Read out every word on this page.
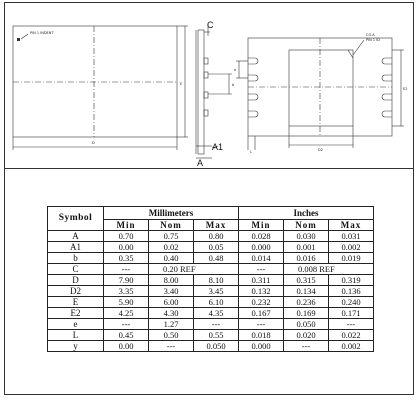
PIN 1 INDENT
D
E
C
A
A1
b
e
L	D2
E2
CG.A
PIN 1 ID
Symbol	Millimeters			Inches		
	Min	Nom	Max	Min	Nom	Max
A	0.70	0.75	0.80	0.028	0.030	0.031
A1	0.00	0.02	0.05	0.000	0.001	0.002
b	0.35	0.40	0.48	0.014	0.016	0.019
C	---	0.20 REF		---	0.008 REF	
D	7.90	8.00	8.10	0.311	0.315	0.319
D2	3.35	3.40	3.45	0.132	0.134	0.136
E	5.90	6.00	6.10	0.232	0.236	0.240
E2	4.25	4.30	4.35	0.167	0.169	0.171
e	---	1.27	---	---	0.050	---
L	0.45	0.50	0.55	0.018	0.020	0.022
y	0.00	---	0.050	0.000	---	0.002
